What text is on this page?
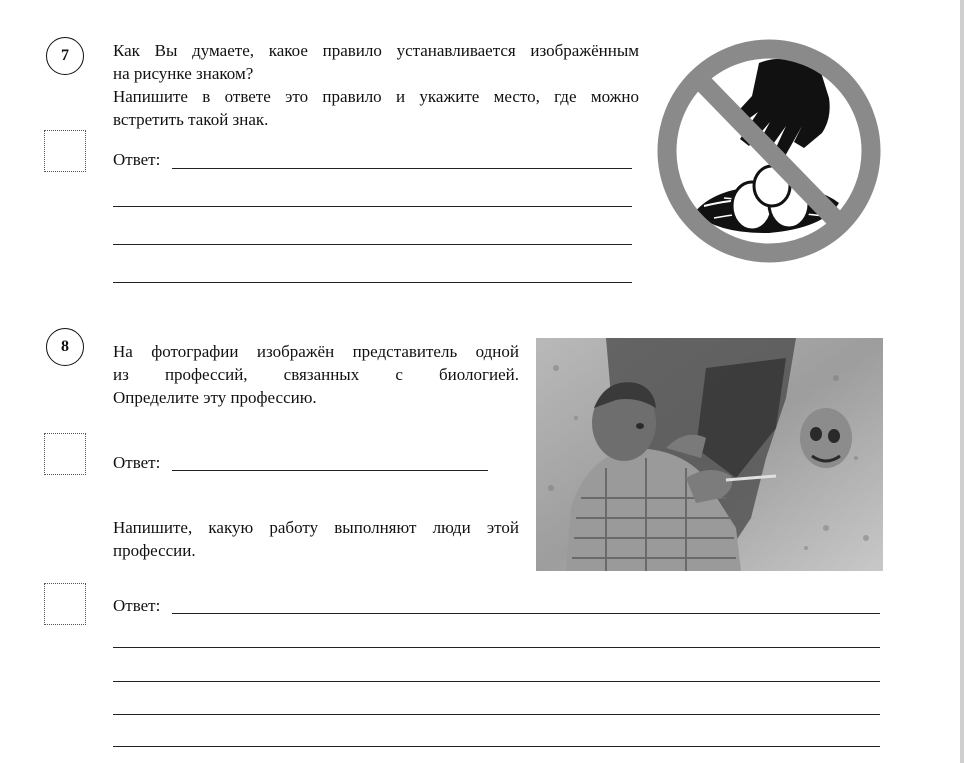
7	Как Вы думаете, какое правило устанавливается изображённым
на рисунке знаком?
Напишите в ответе это правило и укажите место, где можно
встретить такой знак.
Ответ:
8	На фотографии изображён представитель одной
из профессий, связанных с биологией.
Определите эту профессию.
Ответ:
Напишите, какую работу выполняют люди этой
профессии.
Ответ:
